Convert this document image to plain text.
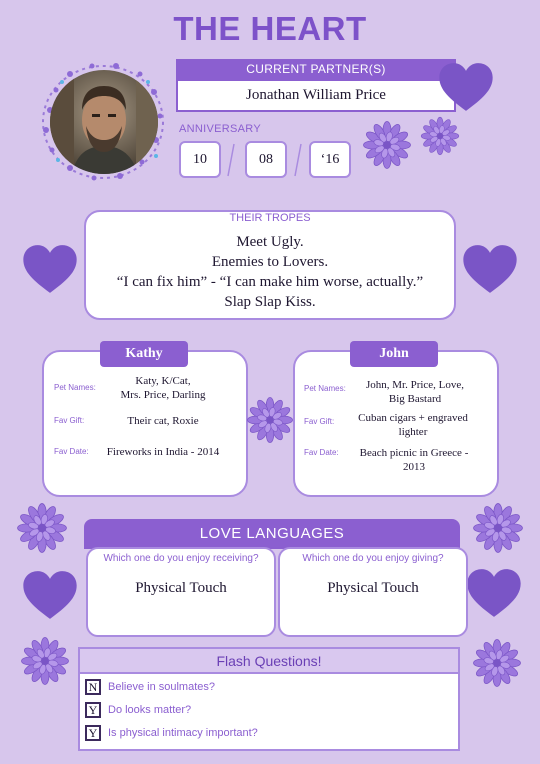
THE HEART
CURRENT PARTNER(S)
Jonathan William Price
ANNIVERSARY
10	08	‘16
THEIR TROPES
Meet Ugly.
Enemies to Lovers.
“I can fix him” - “I can make him worse, actually.”
Slap Slap Kiss.
Kathy
Pet Names:
Katy, K/Cat,
Mrs. Price, Darling
Fav Gift:	Their cat, Roxie
Fav Date:	Fireworks in India - 2014
John
Pet Names:	John, Mr. Price, Love,
Big Bastard
Fav Gift:	Cuban cigars + engraved
lighter
Fav Date:	Beach picnic in Greece -
2013
LOVE LANGUAGES
Which one do you enjoy receiving?
Physical Touch
Which one do you enjoy giving?
Physical Touch
Flash Questions!
N Believe in soulmates?
Y Do looks matter?
Y Is physical intimacy important?
